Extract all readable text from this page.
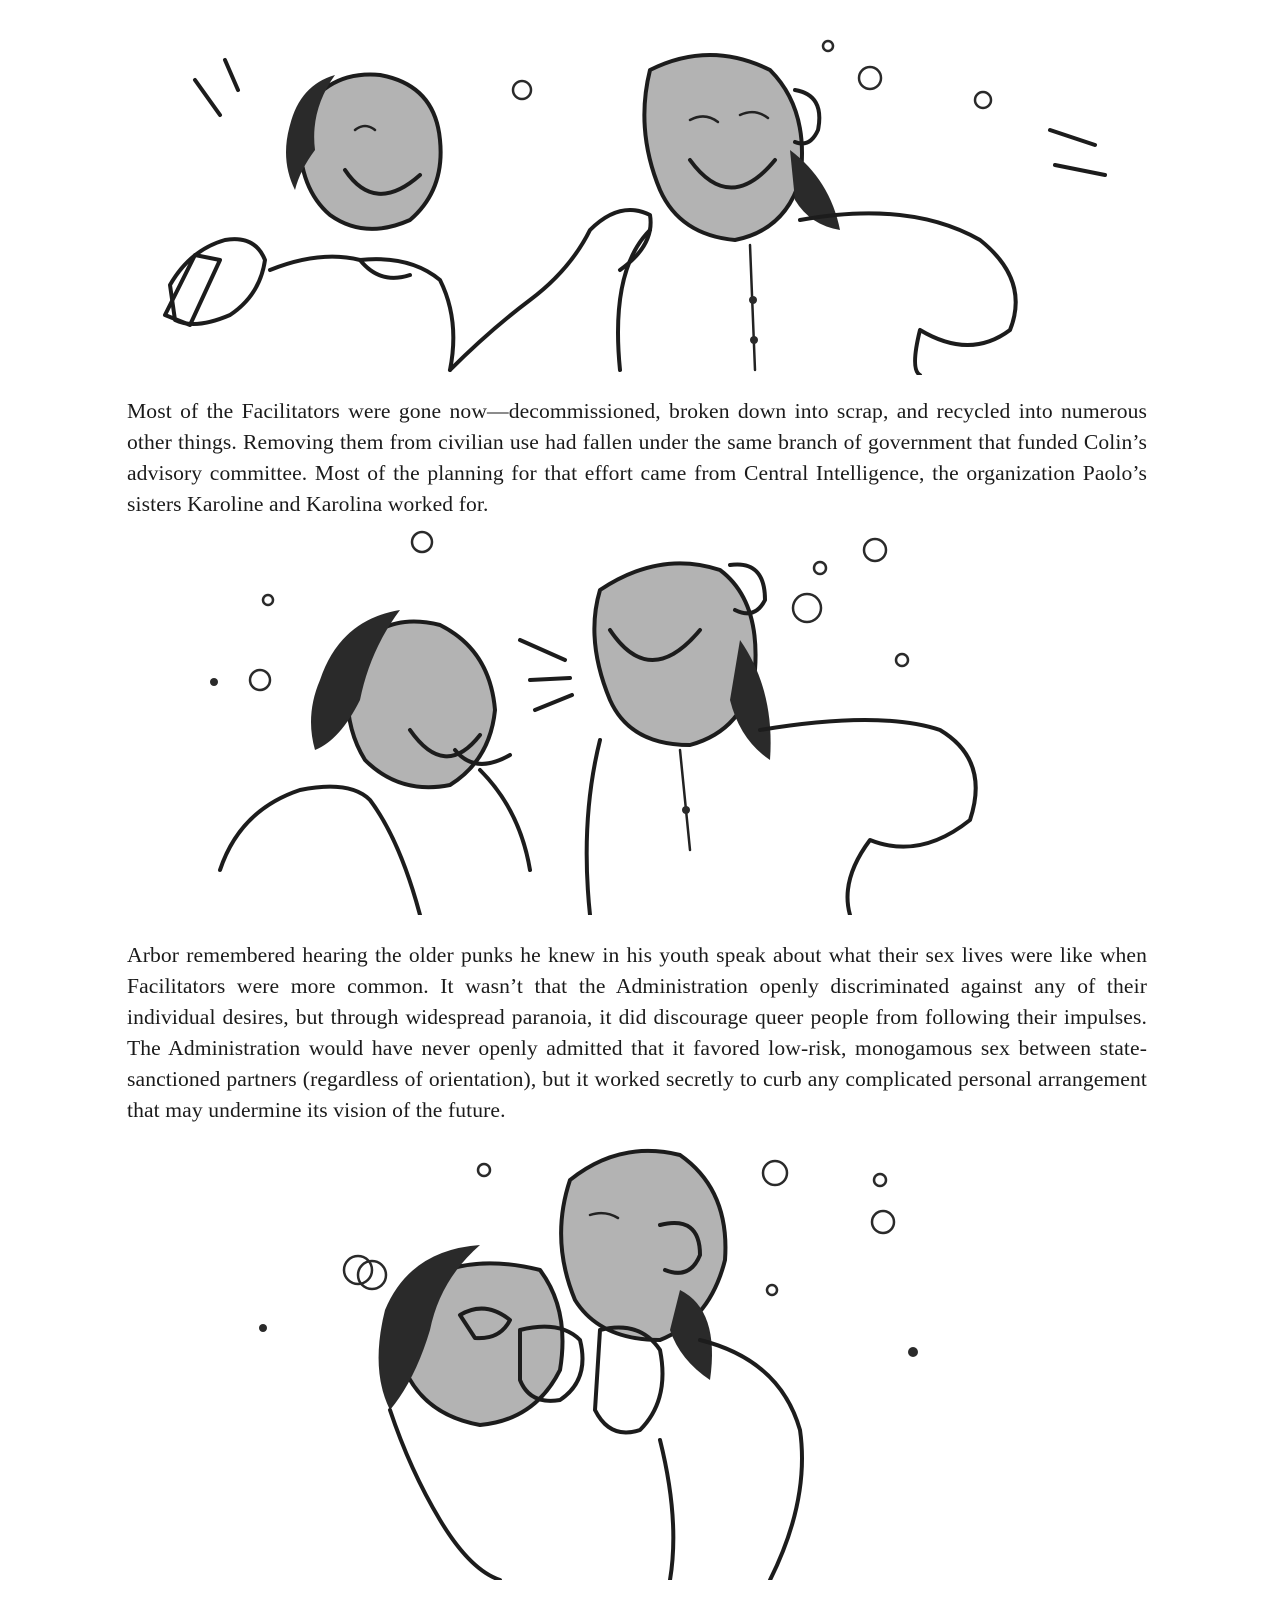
Most of the Facilitators were gone now—decommissioned, broken down into scrap, and recycled into numerous other things. Removing them from civilian use had fallen under the same branch of government that funded Colin’s advisory committee. Most of the planning for that effort came from Central Intelligence, the organization Paolo’s sisters Karoline and Karolina worked for.

Arbor remembered hearing the older punks he knew in his youth speak about what their sex lives were like when Facilitators were more common. It wasn’t that the Administration openly discriminated against any of their individual desires, but through widespread paranoia, it did discourage queer people from following their impulses. The Administration would have never openly admitted that it favored low-risk, monogamous sex between state-sanctioned partners (regardless of orientation), but it worked secretly to curb any complicated personal arrangement that may undermine its vision of the future.
